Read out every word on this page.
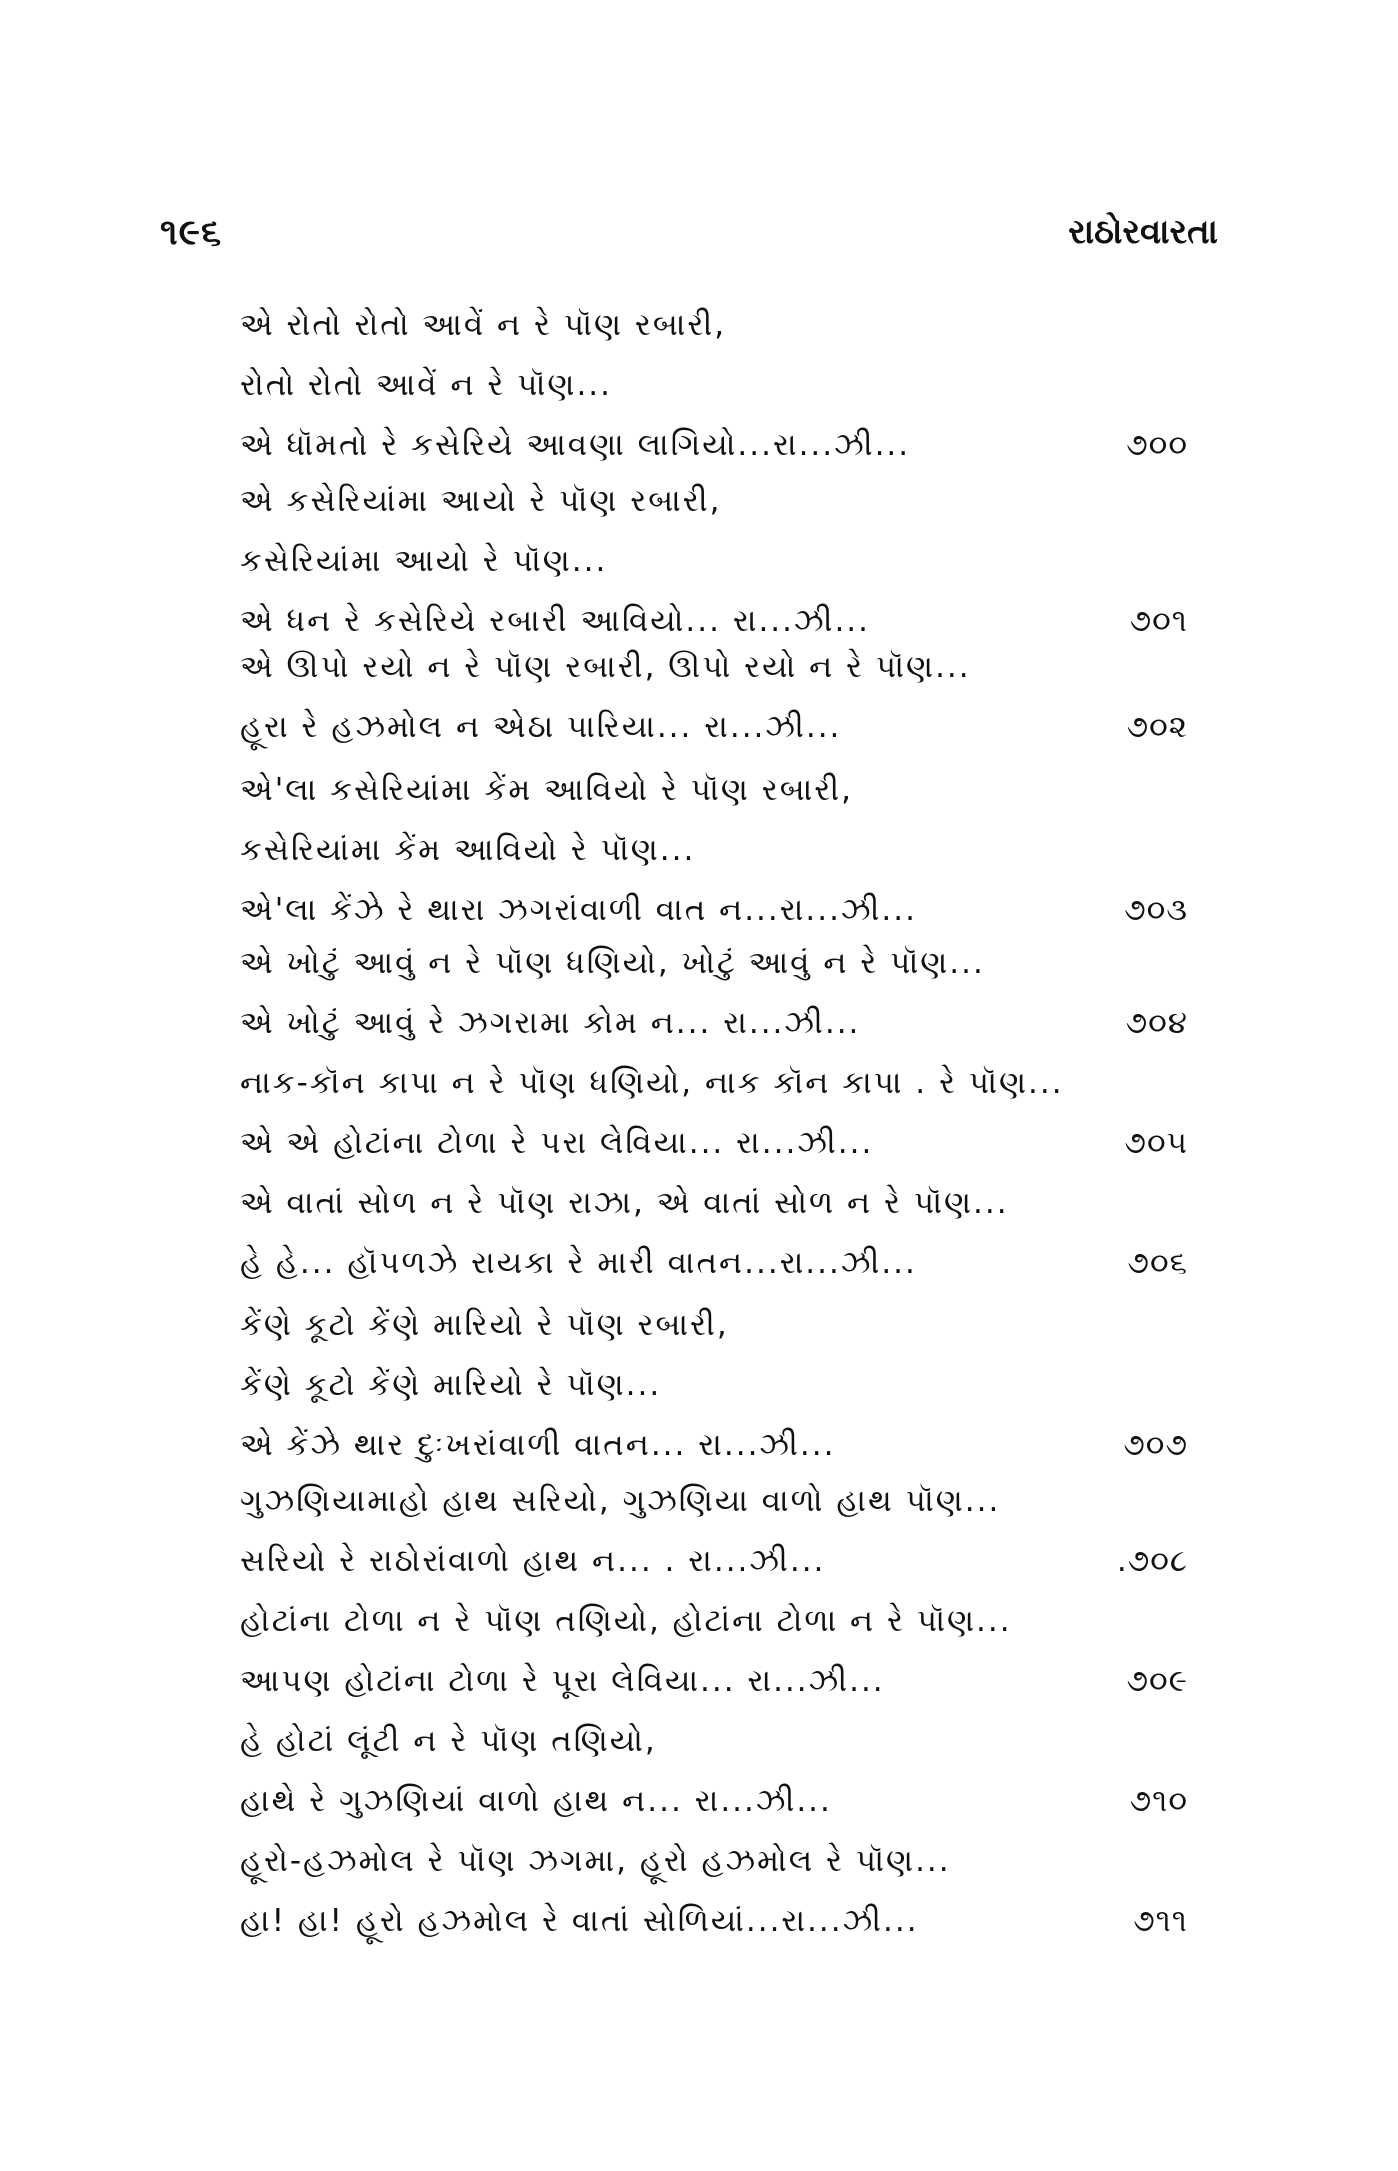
૧૯૬	રાઠોરવારતા
એ રોતો રોતો આવેં ન રે પૉણ રબારી,
રોતો રોતો આવેં ન રે પૉણ...
એ ધૉમતો રે કસેરિયે આવણા લાગિયો...રા...ઝી...	૭૦૦
એ કસેરિયાંમા આયો રે પૉણ રબારી,
કસેરિયાંમા આયો રે પૉણ...
એ ધન રે કસેરિયે રબારી આવિયો... રા...ઝી...	૭૦૧
એ ઊપો રયો ન રે પૉણ રબારી, ઊપો રયો ન રે પૉણ...
હૂરા રે હઝમોલ ન એઠા પારિયા... રા...ઝી...	૭૦૨
એ'લા કસેરિયાંમા કેંમ આવિયો રે પૉણ રબારી,
કસેરિયાંમા કેંમ આવિયો રે પૉણ...
એ'લા કેંઝે રે થારા ઝગરાંવાળી વાત ન...રા...ઝી...	૭૦૩
એ ખોટું આવું ન રે પૉણ ધણિયો, ખોટું આવું ન રે પૉણ...
એ ખોટું આવું રે ઝગરામા કોમ ન... રા...ઝી...	૭૦૪
નાક-કૉન કાપા ન રે પૉણ ધણિયો, નાક કૉન કાપા . રે પૉણ...
એ એ હોટાંના ટોળા રે પરા લેવિયા... રા...ઝી...	૭૦૫
એ વાતાં સોળ ન રે પૉણ રાઝા, એ વાતાં સોળ ન રે પૉણ...
હે હે... હૉપળઝે રાયકા રે મારી વાતન...રા...ઝી...	૭૦૬
કેંણે કૂટો કેંણે મારિયો રે પૉણ રબારી,
કેંણે કૂટો કેંણે મારિયો રે પૉણ...
એ કેંઝે થાર દુઃખરાંવાળી વાતન... રા...ઝી...	૭૦૭
ગુઝણિયામાહો હાથ સરિયો, ગુઝણિયા વાળો હાથ પૉણ...
સરિયો રે રાઠોરાંવાળો હાથ ન... . રા...ઝી...	.૭૦૮
હોટાંના ટોળા ન રે પૉણ તણિયો, હોટાંના ટોળા ન રે પૉણ...
આપણ હોટાંના ટોળા રે પૂરા લેવિયા... રા...ઝી...	૭૦૯
હે હોટાં લૂંટી ન રે પૉણ તણિયો,
હાથે રે ગુઝણિયાં વાળો હાથ ન... રા...ઝી...	૭૧૦
હૂરો-હઝમોલ રે પૉણ ઝગમા, હૂરો હઝમોલ રે પૉણ...
હા! હા! હૂરો હઝમોલ રે વાતાં સોળિયાં...રા...ઝી...	૭૧૧
